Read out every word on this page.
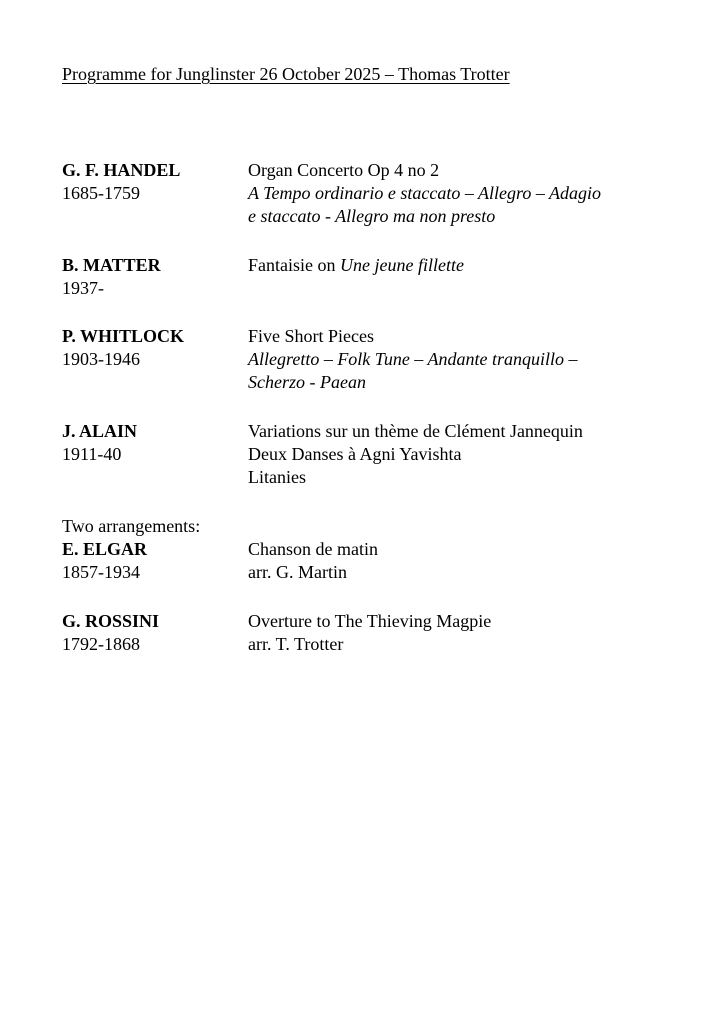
Programme for Junglinster 26 October 2025 – Thomas Trotter
G. F. HANDEL	Organ Concerto Op 4 no 2
1685-1759	A Tempo ordinario e staccato – Allegro – Adagio
e staccato - Allegro ma non presto
B. MATTER	Fantaisie on Une jeune fillette
1937-
P. WHITLOCK	Five Short Pieces
1903-1946	Allegretto – Folk Tune – Andante tranquillo –
Scherzo - Paean
J. ALAIN	Variations sur un thème de Clément Jannequin
1911-40	Deux Danses à Agni Yavishta
Litanies
Two arrangements:
E. ELGAR	Chanson de matin
1857-1934	arr. G. Martin
G. ROSSINI	Overture to The Thieving Magpie
1792-1868	arr. T. Trotter
